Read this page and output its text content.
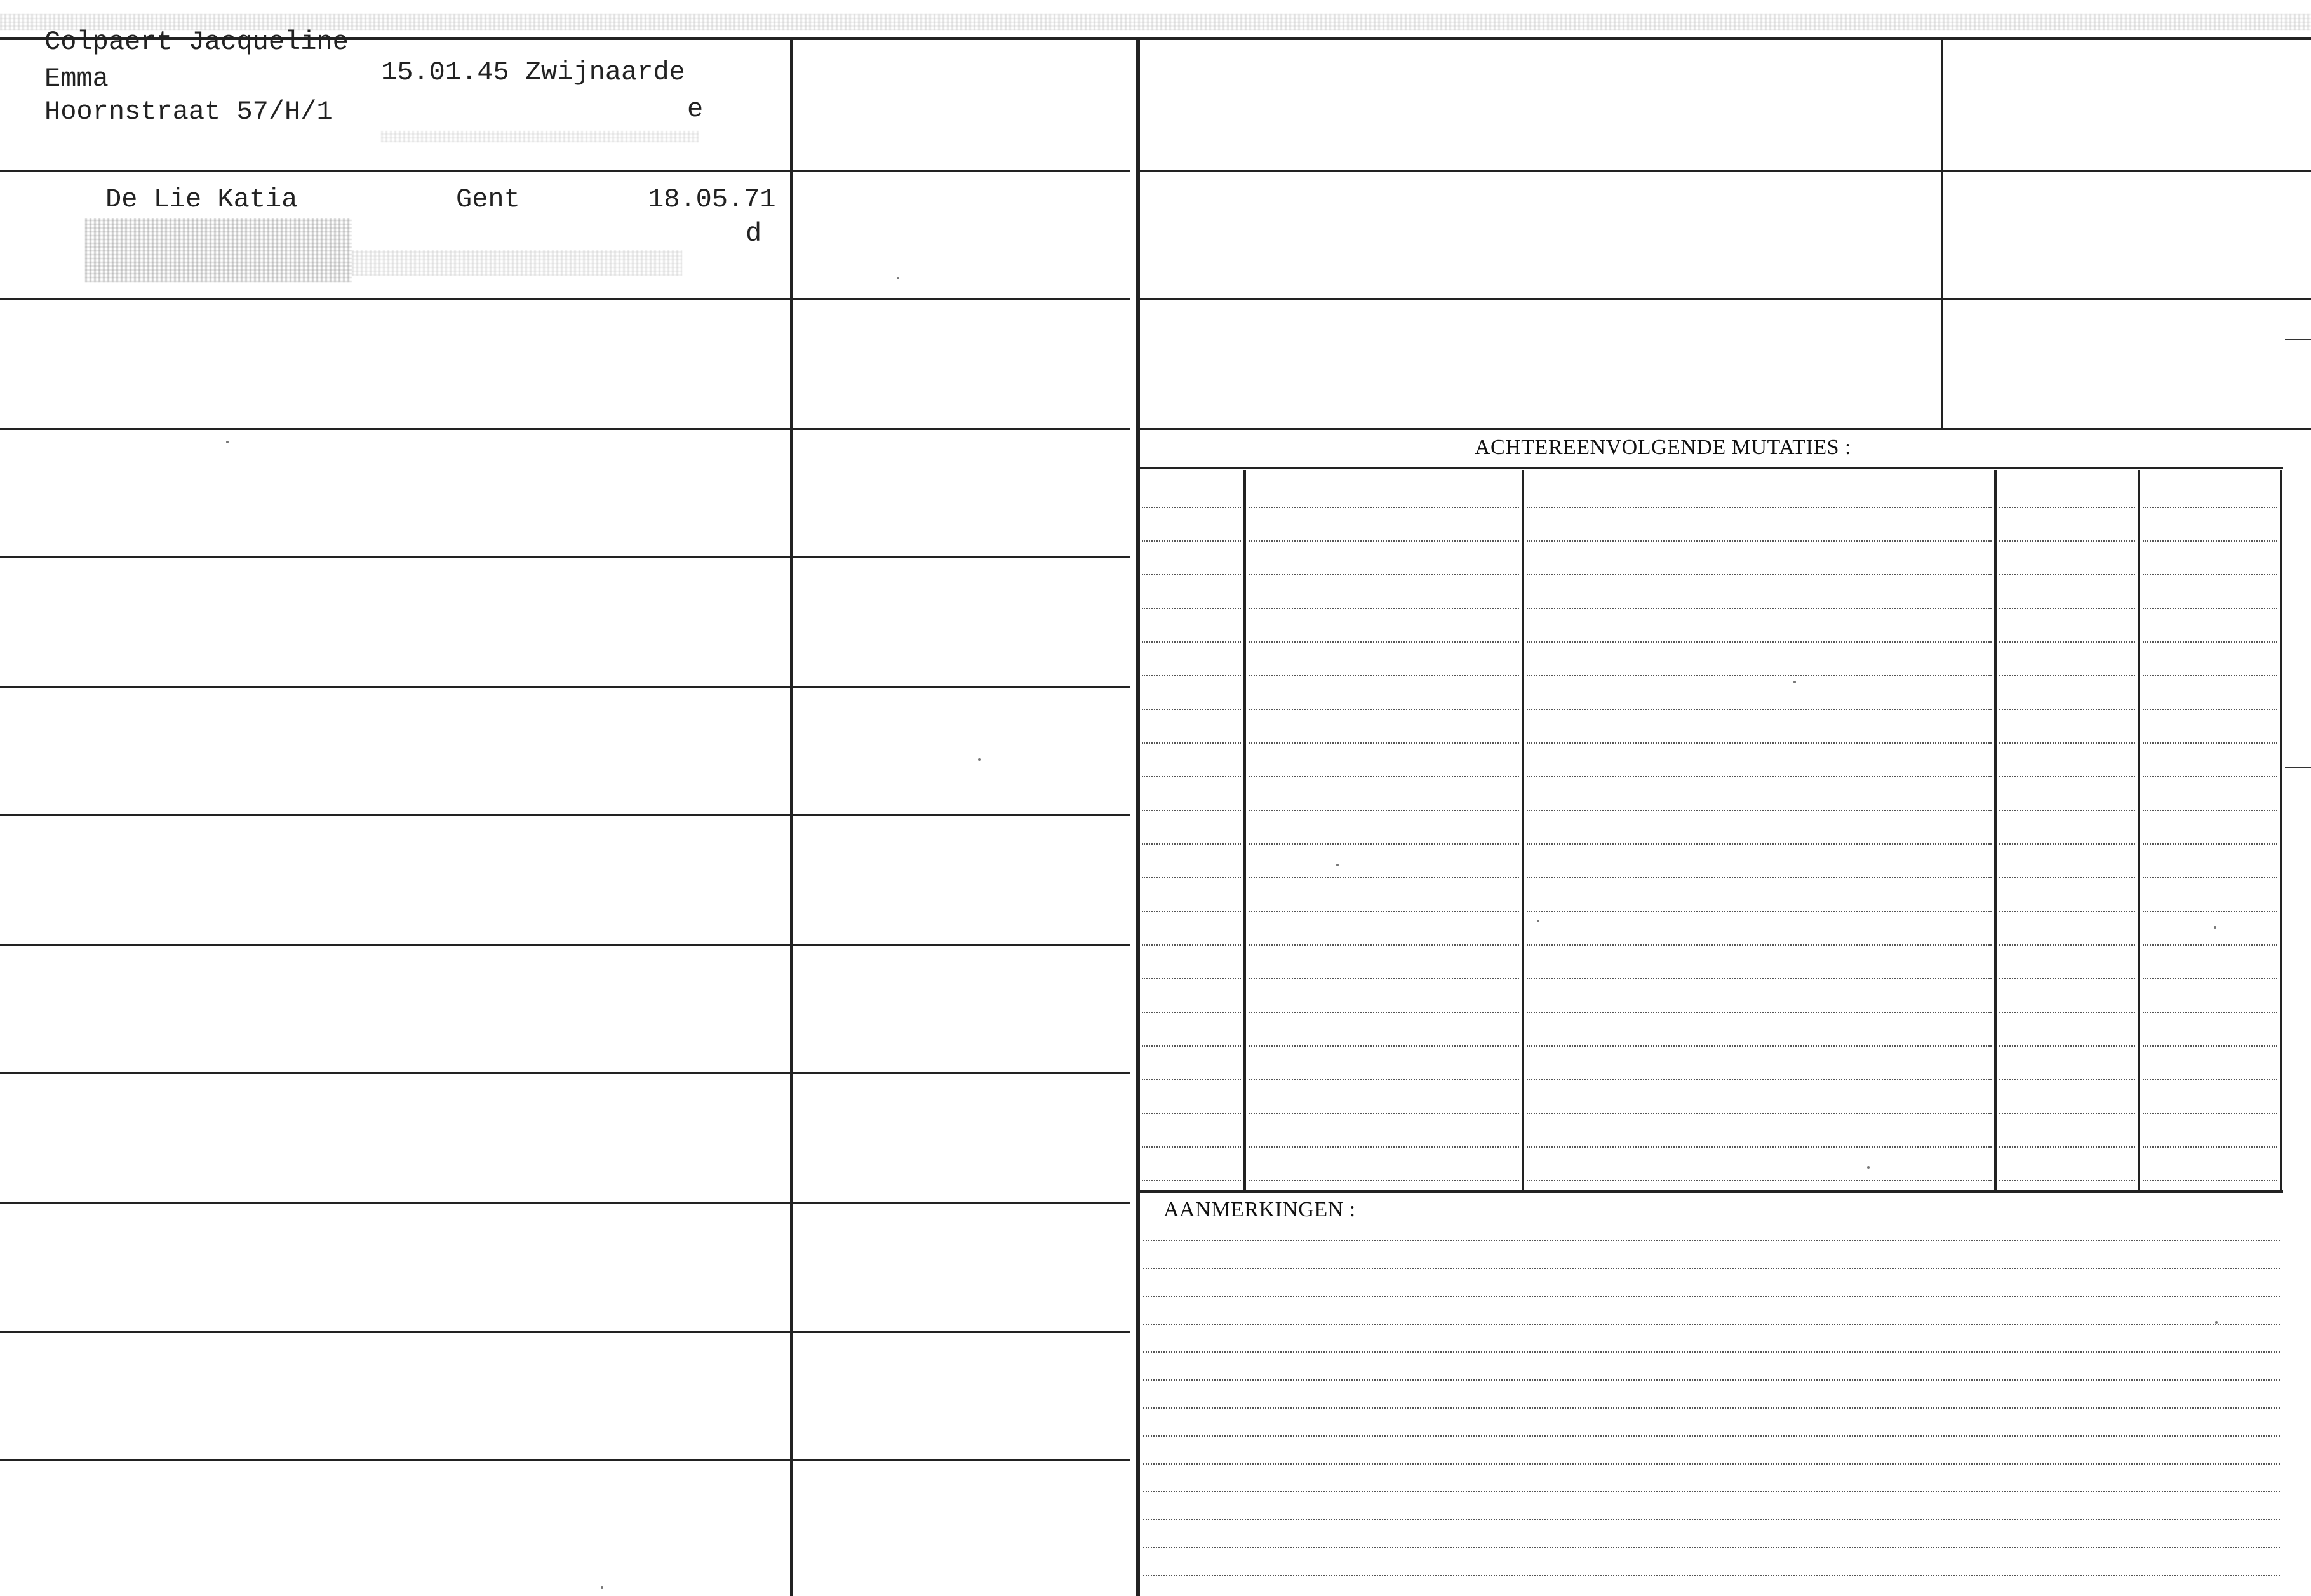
ACHTEREENVOLGENDE MUTATIES :
AANMERKINGEN :

Colpaert Jacqueline

Emma

Hoornstraat 57/H/1

15.01.45 Zwijnaarde

e

De Lie Katia	Gent	18.05.71

d
